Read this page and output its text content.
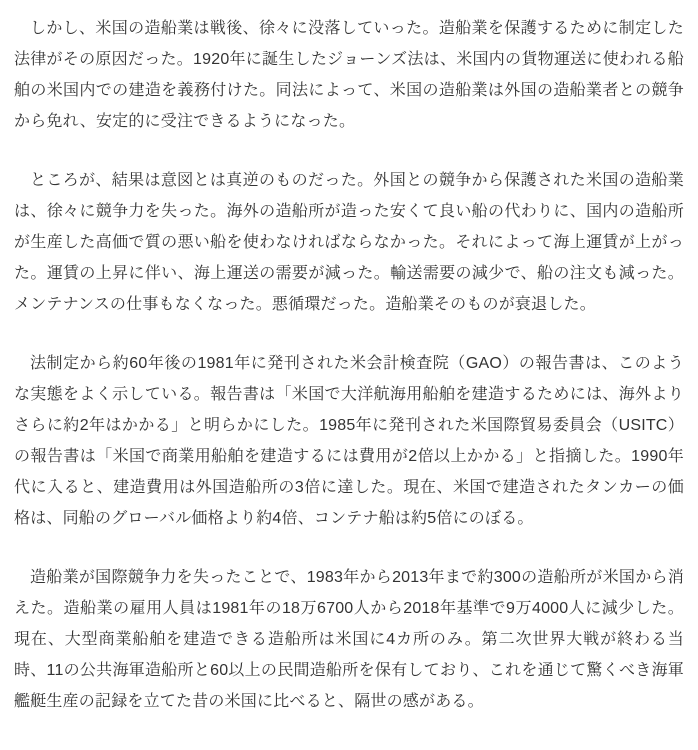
しかし、米国の造船業は戦後、徐々に没落していった。造船業を保護するために制定した法律がその原因だった。1920年に誕生したジョーンズ法は、米国内の貨物運送に使われる船舶の米国内での建造を義務付けた。同法によって、米国の造船業は外国の造船業者との競争から免れ、安定的に受注できるようになった。

ところが、結果は意図とは真逆のものだった。外国との競争から保護された米国の造船業は、徐々に競争力を失った。海外の造船所が造った安くて良い船の代わりに、国内の造船所が生産した高価で質の悪い船を使わなければならなかった。それによって海上運賃が上がった。運賃の上昇に伴い、海上運送の需要が減った。輸送需要の減少で、船の注文も減った。メンテナンスの仕事もなくなった。悪循環だった。造船業そのものが衰退した。

法制定から約60年後の1981年に発刊された米会計検査院（GAO）の報告書は、このような実態をよく示している。報告書は「米国で大洋航海用船舶を建造するためには、海外よりさらに約2年はかかる」と明らかにした。1985年に発刊された米国際貿易委員会（USITC）の報告書は「米国で商業用船舶を建造するには費用が2倍以上かかる」と指摘した。1990年代に入ると、建造費用は外国造船所の3倍に達した。現在、米国で建造されたタンカーの価格は、同船のグローバル価格より約4倍、コンテナ船は約5倍にのぼる。

造船業が国際競争力を失ったことで、1983年から2013年まで約300の造船所が米国から消えた。造船業の雇用人員は1981年の18万6700人から2018年基準で9万4000人に減少した。現在、大型商業船舶を建造できる造船所は米国に4カ所のみ。第二次世界大戦が終わる当時、11の公共海軍造船所と60以上の民間造船所を保有しており、これを通じて驚くべき海軍艦艇生産の記録を立てた昔の米国に比べると、隔世の感がある。
